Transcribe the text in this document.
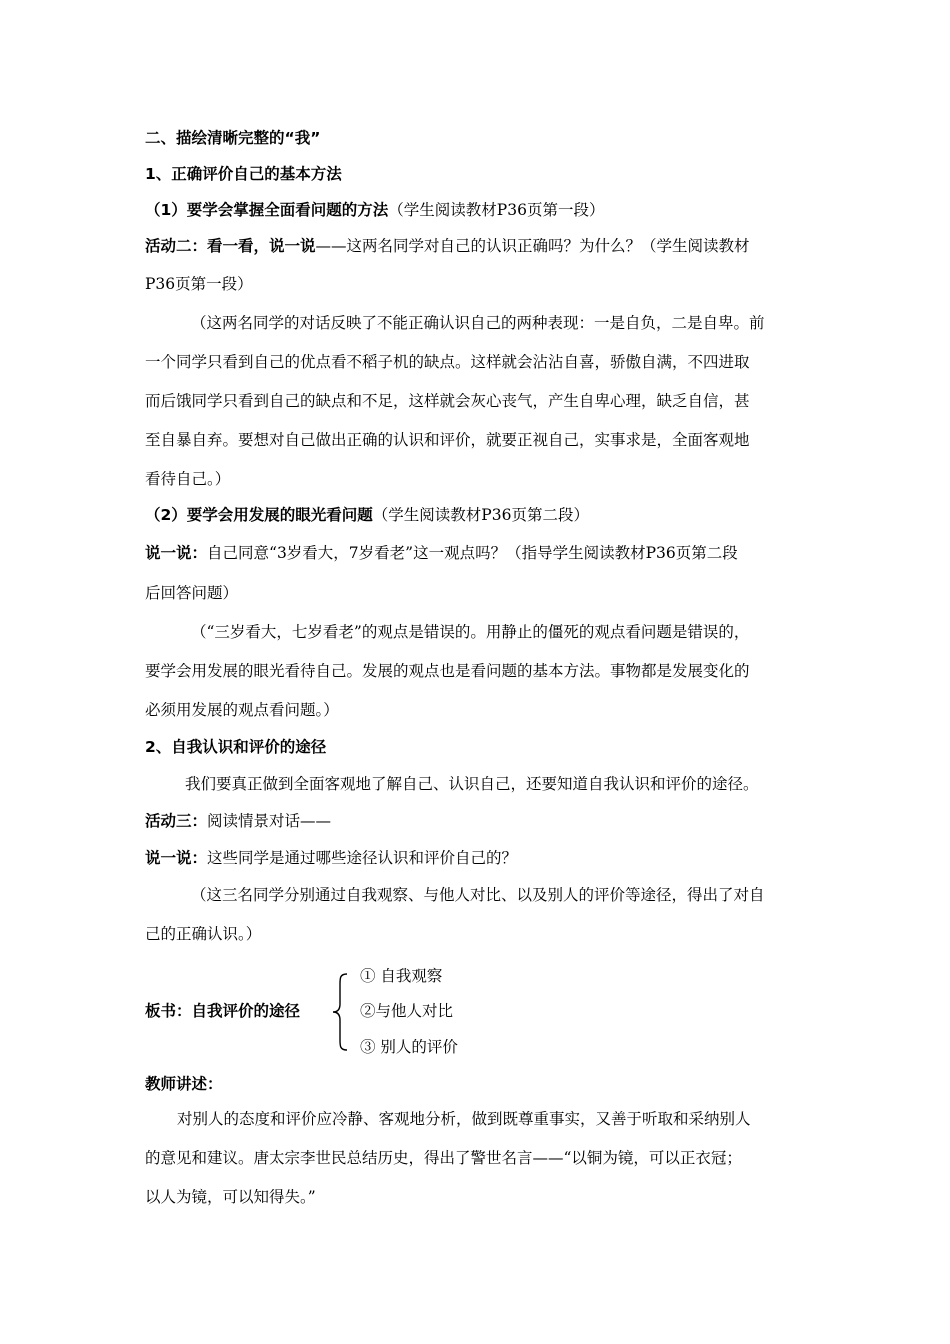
二、描绘清晰完整的“我”
1、正确评价自己的基本方法
（1）要学会掌握全面看问题的方法（学生阅读教材P36页第一段）
活动二：看一看，说一说——这两名同学对自己的认识正确吗？为什么？（学生阅读教材
P36页第一段）
（这两名同学的对话反映了不能正确认识自己的两种表现：一是自负，二是自卑。前
一个同学只看到自己的优点看不稻子机的缺点。这样就会沾沾自喜，骄傲自满，不四进取
而后饿同学只看到自己的缺点和不足，这样就会灰心丧气，产生自卑心理，缺乏自信，甚
至自暴自弃。要想对自己做出正确的认识和评价，就要正视自己，实事求是，全面客观地
看待自己。）
（2）要学会用发展的眼光看问题（学生阅读教材P36页第二段）
说一说：自己同意“3岁看大，7岁看老”这一观点吗？（指导学生阅读教材P36页第二段
后回答问题）
（“三岁看大，七岁看老”的观点是错误的。用静止的僵死的观点看问题是错误的，
要学会用发展的眼光看待自己。发展的观点也是看问题的基本方法。事物都是发展变化的
必须用发展的观点看问题。）
2、自我认识和评价的途径
我们要真正做到全面客观地了解自己、认识自己，还要知道自我认识和评价的途径。
活动三：阅读情景对话——
说一说：这些同学是通过哪些途径认识和评价自己的？
（这三名同学分别通过自我观察、与他人对比、以及别人的评价等途径，得出了对自
己的正确认识。）
板书：自我评价的途径
① 自我观察
②与他人对比
③ 别人的评价
教师讲述：
对别人的态度和评价应冷静、客观地分析，做到既尊重事实，又善于听取和采纳别人
的意见和建议。唐太宗李世民总结历史，得出了警世名言——“以铜为镜，可以正衣冠；
以人为镜，可以知得失。”
